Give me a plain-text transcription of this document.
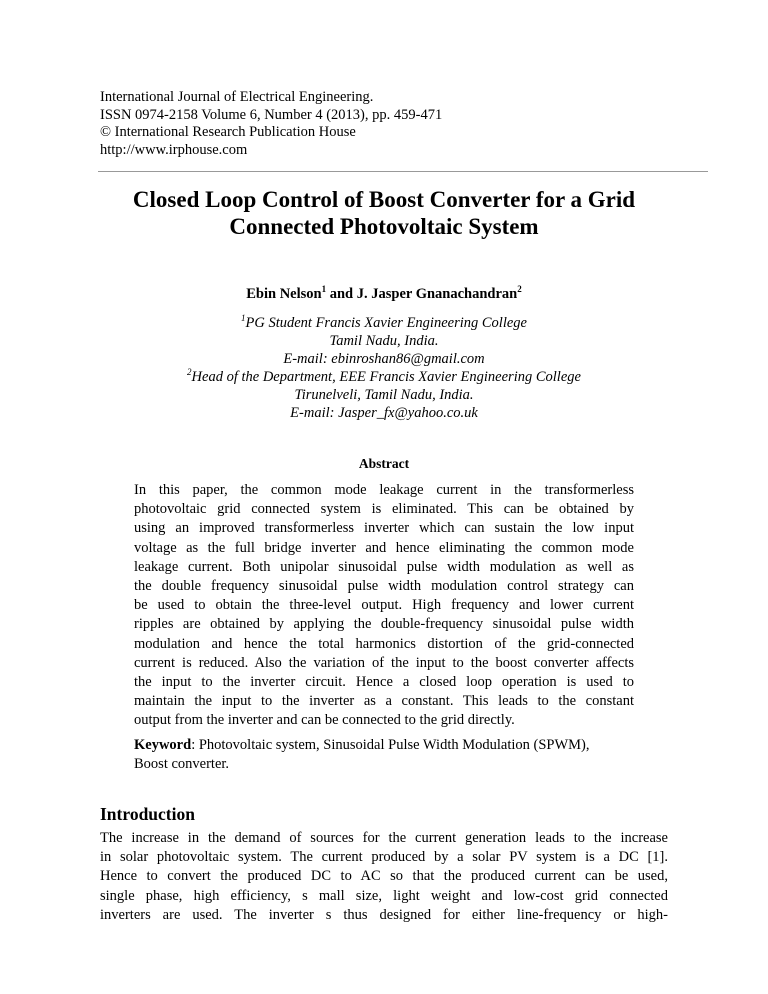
International Journal of Electrical Engineering.
ISSN 0974-2158 Volume 6, Number 4 (2013), pp. 459-471
© International Research Publication House
http://www.irphouse.com
Closed Loop Control of Boost Converter for a Grid
Connected Photovoltaic System
Ebin Nelson$^1$ and J. Jasper Gnanachandran$^2$
$^1$PG Student Francis Xavier Engineering College
Tamil Nadu, India.
E-mail: ebinroshan86@gmail.com
$^2$Head of the Department, EEE Francis Xavier Engineering College
Tirunelveli, Tamil Nadu, India.
E-mail: Jasper_fx@yahoo.co.uk
Abstract
In this paper, the common mode leakage current in the transformerless
photovoltaic grid connected system is eliminated. This can be obtained by
using an improved transformerless inverter which can sustain the low input
voltage as the full bridge inverter and hence eliminating the common mode
leakage current. Both unipolar sinusoidal pulse width modulation as well as
the double frequency sinusoidal pulse width modulation control strategy can
be used to obtain the three-level output. High frequency and lower current
ripples are obtained by applying the double-frequency sinusoidal pulse width
modulation and hence the total harmonics distortion of the grid-connected
current is reduced. Also the variation of the input to the boost converter affects
the input to the inverter circuit. Hence a closed loop operation is used to
maintain the input to the inverter as a constant. This leads to the constant
output from the inverter and can be connected to the grid directly.
Keyword: Photovoltaic system, Sinusoidal Pulse Width Modulation (SPWM),
Boost converter.
Introduction
The increase in the demand of sources for the current generation leads to the increase
in solar photovoltaic system. The current produced by a solar PV system is a DC [1].
Hence to convert the produced DC to AC so that the produced current can be used,
single phase, high efficiency, s mall size, light weight and low-cost grid connected
inverters are used. The inverter s thus designed for either line-frequency or high-
